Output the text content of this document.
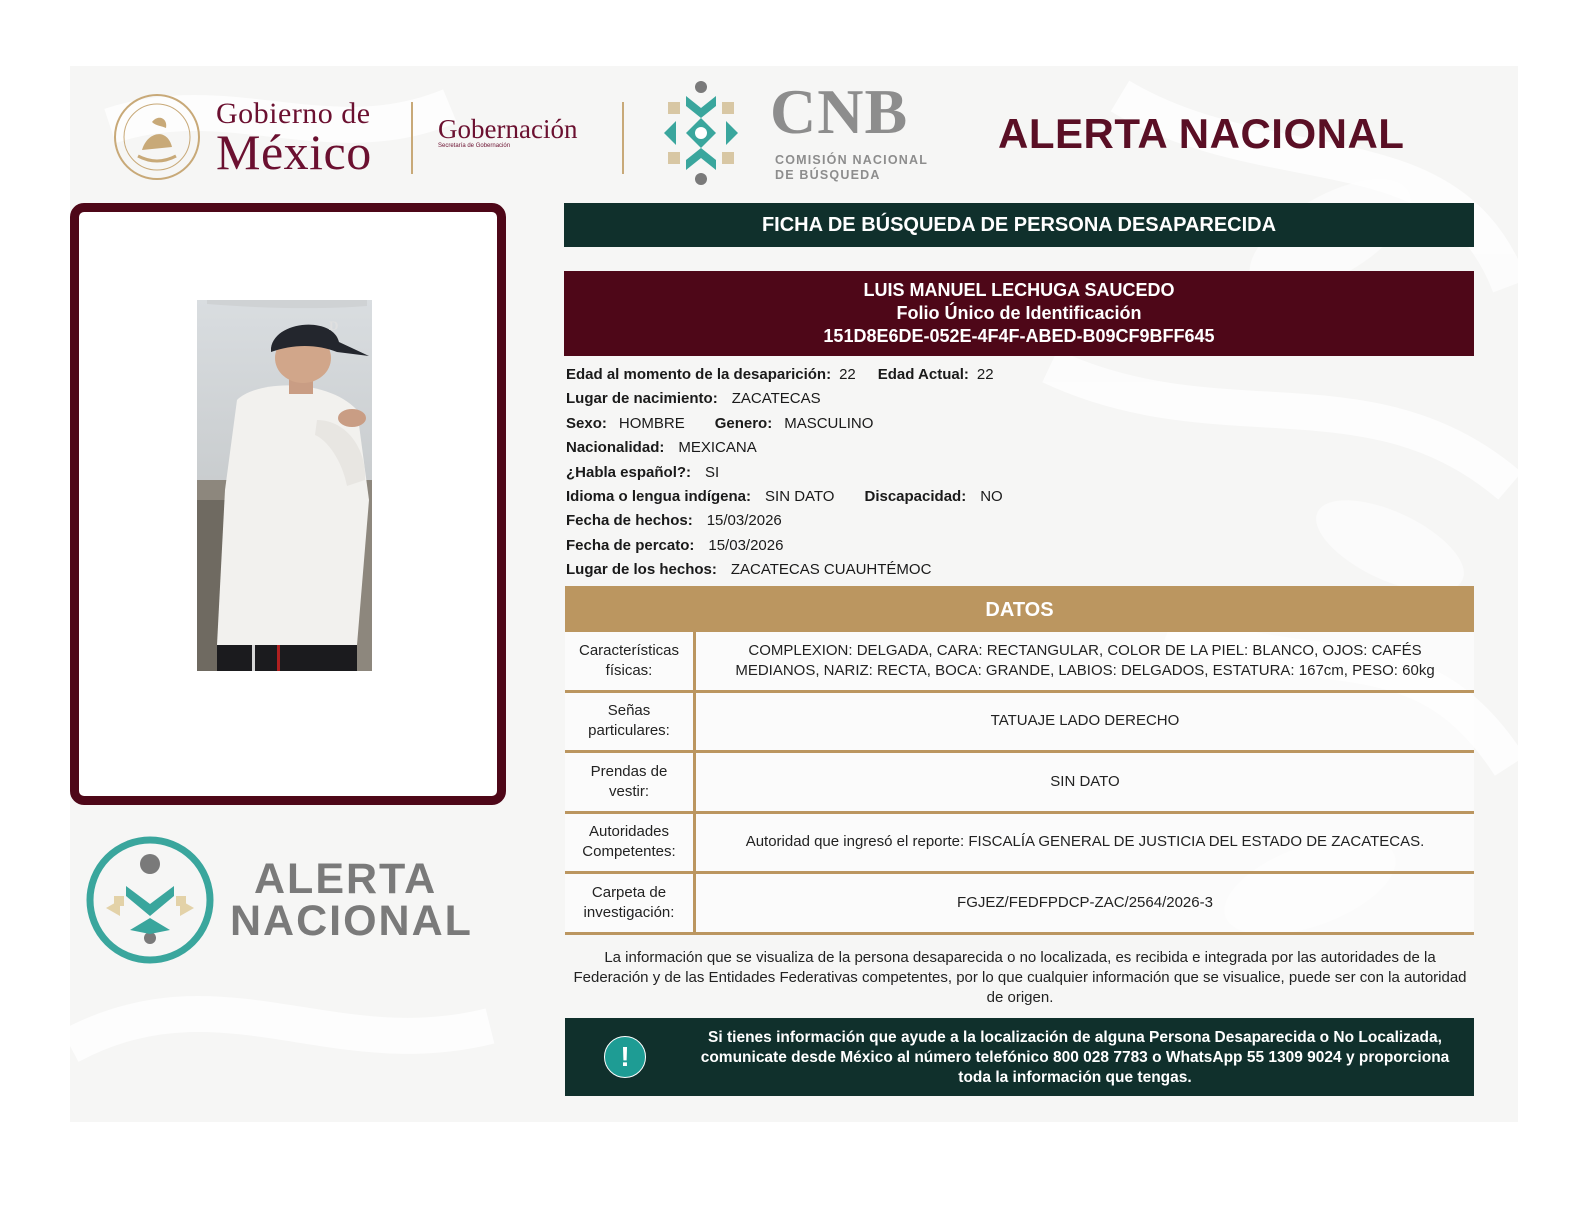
Gobierno de
México Gobernación
Secretaría de Gobernación	CNB
COMISIÓN NACIONAL
DE BÚSQUEDA
ALERTA NACIONAL
D
ALERTA
NACIONAL
FICHA DE BÚSQUEDA DE PERSONA DESAPARECIDA
LUIS MANUEL LECHUGA SAUCEDO
Folio Único de Identificación
151D8E6DE-052E-4F4F-ABED-B09CF9BFF645
Edad al momento de la desaparición: 22 Edad Actual: 22
Lugar de nacimiento: ZACATECAS
Sexo: HOMBRE Genero: MASCULINO
Nacionalidad: MEXICANA
¿Habla español?: SI
Idioma o lengua indígena: SIN DATO Discapacidad: NO
Fecha de hechos: 15/03/2026
Fecha de percato: 15/03/2026
Lugar de los hechos: ZACATECAS CUAUHTÉMOC
DATOS
Características físicas:
COMPLEXION: DELGADA, CARA: RECTANGULAR, COLOR DE LA PIEL: BLANCO, OJOS: CAFÉS MEDIANOS, NARIZ: RECTA, BOCA: GRANDE, LABIOS: DELGADOS, ESTATURA: 167cm, PESO: 60kg
Señas particulares:
TATUAJE LADO DERECHO
Prendas de vestir:
SIN DATO
Autoridades Competentes:
Autoridad que ingresó el reporte: FISCALÍA GENERAL DE JUSTICIA DEL ESTADO DE ZACATECAS.
Carpeta de investigación:
FGJEZ/FEDFPDCP-ZAC/2564/2026-3
La información que se visualiza de la persona desaparecida o no localizada, es recibida e integrada por las autoridades de la Federación y de las Entidades Federativas competentes, por lo que cualquier información que se visualice, puede ser con la autoridad de origen.
!
Si tienes información que ayude a la localización de alguna Persona Desaparecida o No Localizada, comunicate desde México al número telefónico 800 028 7783 o WhatsApp 55 1309 9024 y proporciona toda la información que tengas.
